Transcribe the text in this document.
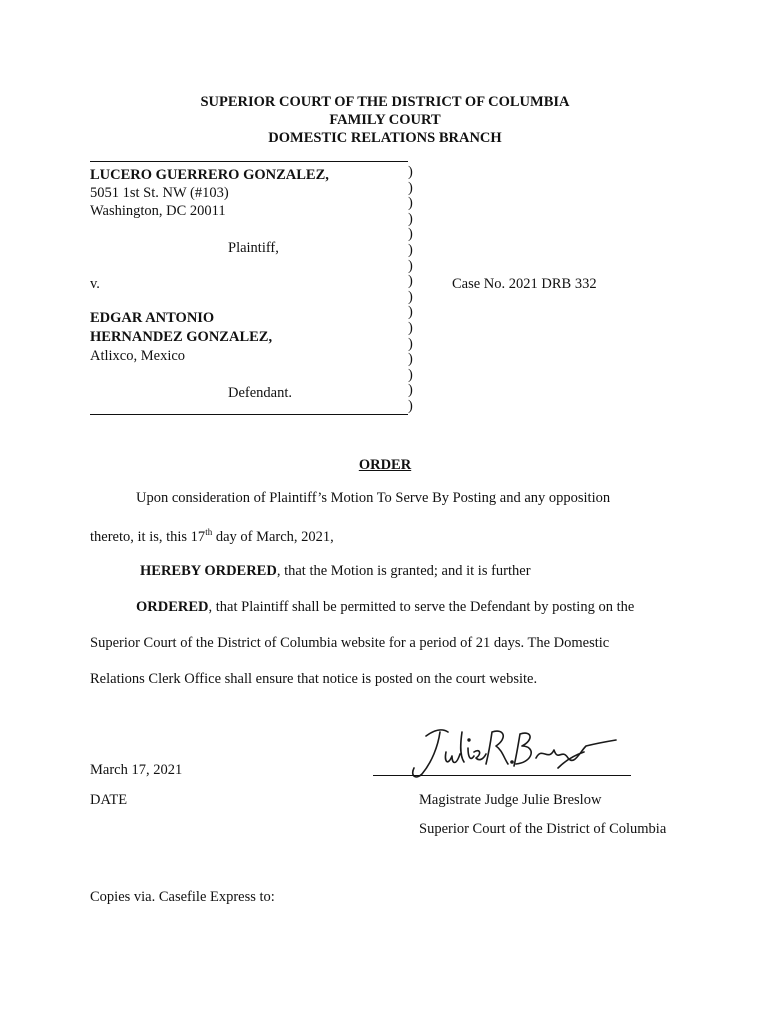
SUPERIOR COURT OF THE DISTRICT OF COLUMBIA
FAMILY COURT
DOMESTIC RELATIONS BRANCH
LUCERO GUERRERO GONZALEZ,
5051 1st St. NW (#103)
Washington, DC 20011
Plaintiff,
v.
EDGAR ANTONIO
HERNANDEZ GONZALEZ,
Atlixco, Mexico
Defendant.
)
)
)
)
)
)
)
)
)
)
)
)
)
)
)
)
Case No. 2021 DRB 332
ORDER
Upon consideration of Plaintiff’s Motion To Serve By Posting and any opposition
thereto, it is, this 17th day of March, 2021,
HEREBY ORDERED, that the Motion is granted; and it is further
ORDERED, that Plaintiff shall be permitted to serve the Defendant by posting on the
Superior Court of the District of Columbia website for a period of 21 days. The Domestic
Relations Clerk Office shall ensure that notice is posted on the court website.
March 17, 2021
DATE	Magistrate Judge Julie Breslow
Superior Court of the District of Columbia
Copies via. Casefile Express to:
